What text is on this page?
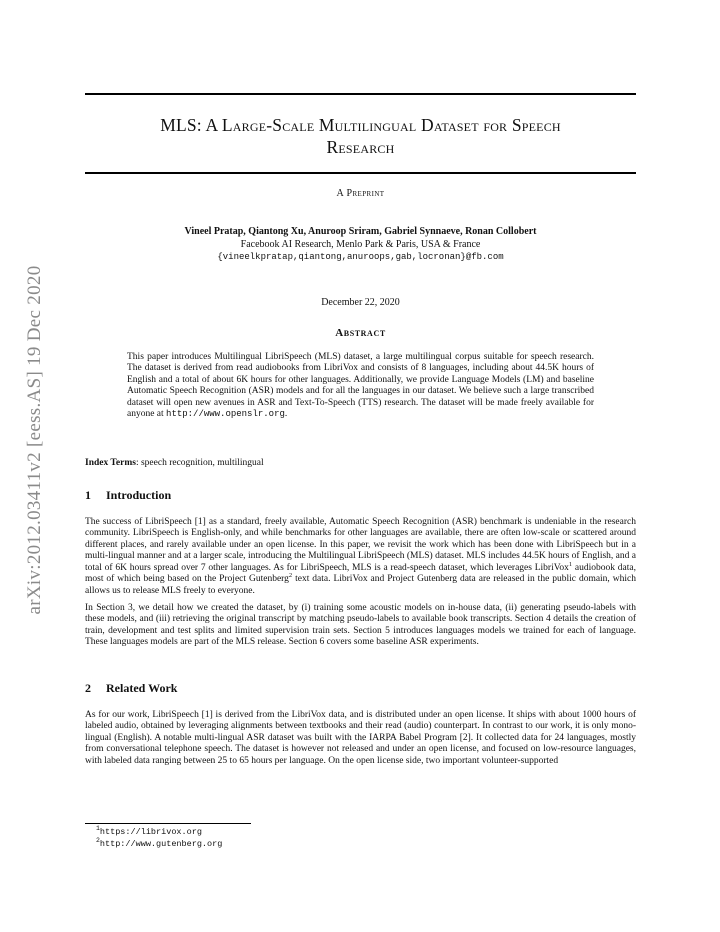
arXiv:2012.03411v2 [eess.AS] 19 Dec 2020
MLS: A Large-Scale Multilingual Dataset for Speech
Research
A Preprint
Vineel Pratap, Qiantong Xu, Anuroop Sriram, Gabriel Synnaeve, Ronan Collobert
Facebook AI Research, Menlo Park & Paris, USA & France
{vineelkpratap,qiantong,anuroops,gab,locronan}@fb.com
December 22, 2020
Abstract
This paper introduces Multilingual LibriSpeech (MLS) dataset, a large multilingual corpus suitable for speech research. The dataset is derived from read audiobooks from LibriVox and consists of 8 languages, including about 44.5K hours of English and a total of about 6K hours for other languages. Additionally, we provide Language Models (LM) and baseline Automatic Speech Recognition (ASR) models and for all the languages in our dataset. We believe such a large transcribed dataset will open new avenues in ASR and Text-To-Speech (TTS) research. The dataset will be made freely available for anyone at http://www.openslr.org.
Index Terms: speech recognition, multilingual
1 Introduction
The success of LibriSpeech [1] as a standard, freely available, Automatic Speech Recognition (ASR) benchmark is undeniable in the research community. LibriSpeech is English-only, and while benchmarks for other languages are available, there are often low-scale or scattered around different places, and rarely available under an open license. In this paper, we revisit the work which has been done with LibriSpeech but in a multi-lingual manner and at a larger scale, introducing the Multilingual LibriSpeech (MLS) dataset. MLS includes 44.5K hours of English, and a total of 6K hours spread over 7 other languages. As for LibriSpeech, MLS is a read-speech dataset, which leverages LibriVox$^1$ audiobook data, most of which being based on the Project Gutenberg$^2$ text data. LibriVox and Project Gutenberg data are released in the public domain, which allows us to release MLS freely to everyone.
In Section 3, we detail how we created the dataset, by (i) training some acoustic models on in-house data, (ii) generating pseudo-labels with these models, and (iii) retrieving the original transcript by matching pseudo-labels to available book transcripts. Section 4 details the creation of train, development and test splits and limited supervision train sets. Section 5 introduces languages models we trained for each of language. These languages models are part of the MLS release. Section 6 covers some baseline ASR experiments.
2 Related Work
As for our work, LibriSpeech [1] is derived from the LibriVox data, and is distributed under an open license. It ships with about 1000 hours of labeled audio, obtained by leveraging alignments between textbooks and their read (audio) counterpart. In contrast to our work, it is only mono-lingual (English). A notable multi-lingual ASR dataset was built with the IARPA Babel Program [2]. It collected data for 24 languages, mostly from conversational telephone speech. The dataset is however not released and under an open license, and focused on low-resource languages, with labeled data ranging between 25 to 65 hours per language. On the open license side, two important volunteer-supported
$^1$https://librivox.org
$^2$http://www.gutenberg.org
